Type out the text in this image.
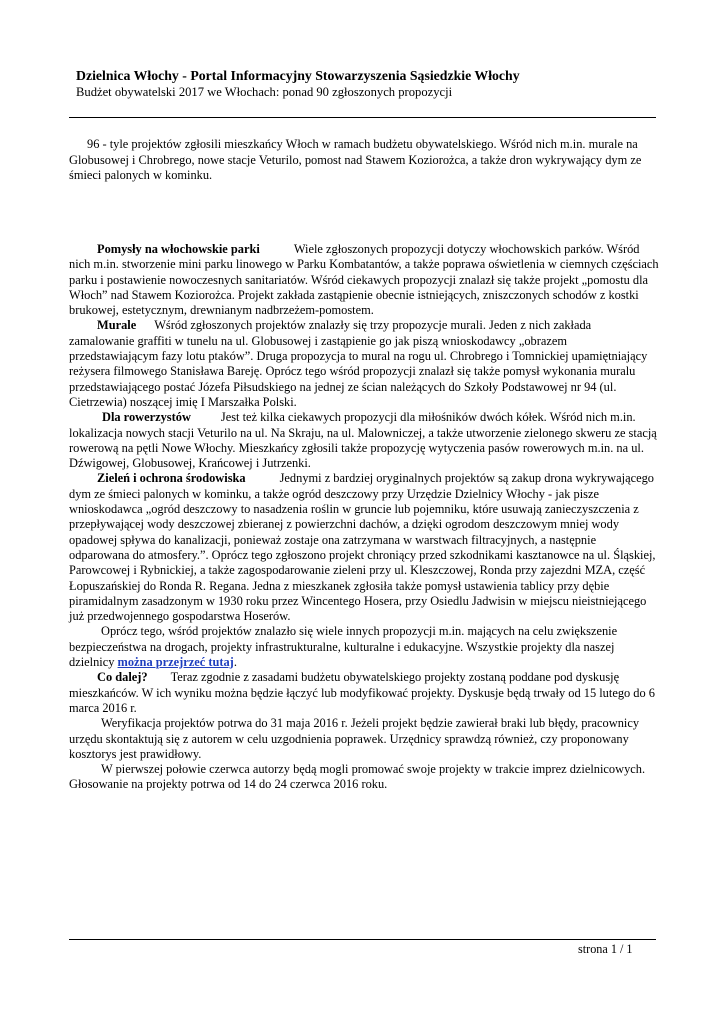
Dzielnica Włochy - Portal Informacyjny Stowarzyszenia Sąsiedzkie Włochy

Budżet obywatelski 2017 we Włochach: ponad 90 zgłoszonych propozycji

96 - tyle projektów zgłosili mieszkańcy Włoch w ramach budżetu obywatelskiego. Wśród nich m.in. murale na Globusowej i Chrobrego, nowe stacje Veturilo, pomost nad Stawem Koziorożca, a także dron wykrywający dym ze śmieci palonych w kominku.

Pomysły na włochowskie parki	Wiele zgłoszonych propozycji dotyczy włochowskich parków. Wśród nich m.in. stworzenie mini parku linowego w Parku Kombatantów, a także poprawa oświetlenia w ciemnych częściach parku i postawienie nowoczesnych sanitariatów. Wśród ciekawych propozycji znalazł się także projekt „pomostu dla Włoch” nad Stawem Koziorożca. Projekt zakłada zastąpienie obecnie istniejących, zniszczonych schodów z kostki brukowej, estetycznym, drewnianym nadbrzeżem-pomostem.

Murale Wśród zgłoszonych projektów znalazły się trzy propozycje murali. Jeden z nich zakłada zamalowanie graffiti w tunelu na ul. Globusowej i zastąpienie go jak piszą wnioskodawcy „obrazem przedstawiającym fazy lotu ptaków”. Druga propozycja to mural na rogu ul. Chrobrego i Tomnickiej upamiętniający reżysera filmowego Stanisława Bareję. Oprócz tego wśród propozycji znalazł się także pomysł wykonania muralu przedstawiającego postać Józefa Piłsudskiego na jednej ze ścian należących do Szkoły Podstawowej nr 94 (ul. Cietrzewia) noszącej imię I Marszałka Polski.

Dla rowerzystów Jest też kilka ciekawych propozycji dla miłośników dwóch kółek. Wśród nich m.in. lokalizacja nowych stacji Veturilo na ul. Na Skraju, na ul. Malowniczej, a także utworzenie zielonego skweru ze stacją rowerową na pętli Nowe Włochy. Mieszkańcy zgłosili także propozycję wytyczenia pasów rowerowych m.in. na ul. Dźwigowej, Globusowej, Krańcowej i Jutrzenki.

Zieleń i ochrona środowiska	Jednymi z bardziej oryginalnych projektów są zakup drona wykrywającego dym ze śmieci palonych w kominku, a także ogród deszczowy przy Urzędzie Dzielnicy Włochy - jak pisze wnioskodawca „ogród deszczowy to nasadzenia roślin w gruncie lub pojemniku, które usuwają zanieczyszczenia z przepływającej wody deszczowej zbieranej z powierzchni dachów, a dzięki ogrodom deszczowym mniej wody opadowej spływa do kanalizacji, ponieważ zostaje ona zatrzymana w warstwach filtracyjnych, a następnie odparowana do atmosfery.”. Oprócz tego zgłoszono projekt chroniący przed szkodnikami kasztanowce na ul. Śląskiej, Parowcowej i Rybnickiej, a także zagospodarowanie zieleni przy ul. Kleszczowej, Ronda przy zajezdni MZA, część Łopuszańskiej do Ronda R. Regana. Jedna z mieszkanek zgłosiła także pomysł ustawienia tablicy przy dębie piramidalnym zasadzonym w 1930 roku przez Wincentego Hosera, przy Osiedlu Jadwisin w miejscu nieistniejącego już przedwojennego gospodarstwa Hoserów.

Oprócz tego, wśród projektów znalazło się wiele innych propozycji m.in. mających na celu zwiększenie bezpieczeństwa na drogach, projekty infrastrukturalne, kulturalne i edukacyjne. Wszystkie projekty dla naszej dzielnicy można przejrzeć tutaj.

Co dalej? Teraz zgodnie z zasadami budżetu obywatelskiego projekty zostaną poddane pod dyskusję mieszkańców. W ich wyniku można będzie łączyć lub modyfikować projekty. Dyskusje będą trwały od 15 lutego do 6 marca 2016 r.

Weryfikacja projektów potrwa do 31 maja 2016 r. Jeżeli projekt będzie zawierał braki lub błędy, pracownicy urzędu skontaktują się z autorem w celu uzgodnienia poprawek. Urzędnicy sprawdzą również, czy proponowany kosztorys jest prawidłowy.

W pierwszej połowie czerwca autorzy będą mogli promować swoje projekty w trakcie imprez dzielnicowych. Głosowanie na projekty potrwa od 14 do 24 czerwca 2016 roku.

strona 1 / 1
